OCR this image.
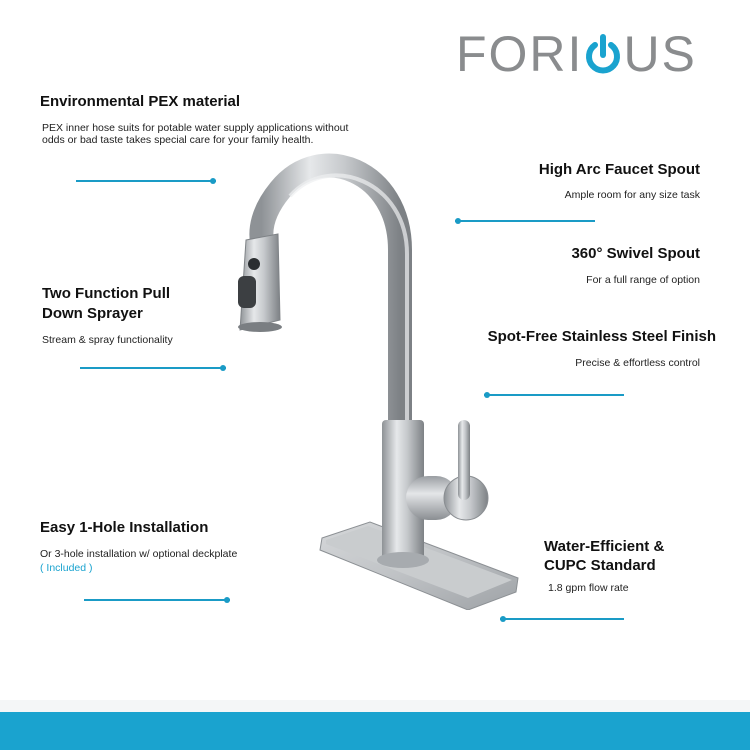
FORI US
Environmental PEX material
PEX inner hose suits for potable water supply applications without odds or bad taste takes special care for your family health.
High Arc Faucet Spout
Ample room for any size task
360° Swivel Spout
For a full range of option
Two Function Pull
Down Sprayer
Stream & spray functionality	Spot-Free Stainless Steel Finish
Precise & effortless control
Easy 1-Hole Installation
Or 3-hole installation w/ optional deckplate
( Included )
Water-Efficient &
CUPC Standard
1.8 gpm flow rate
